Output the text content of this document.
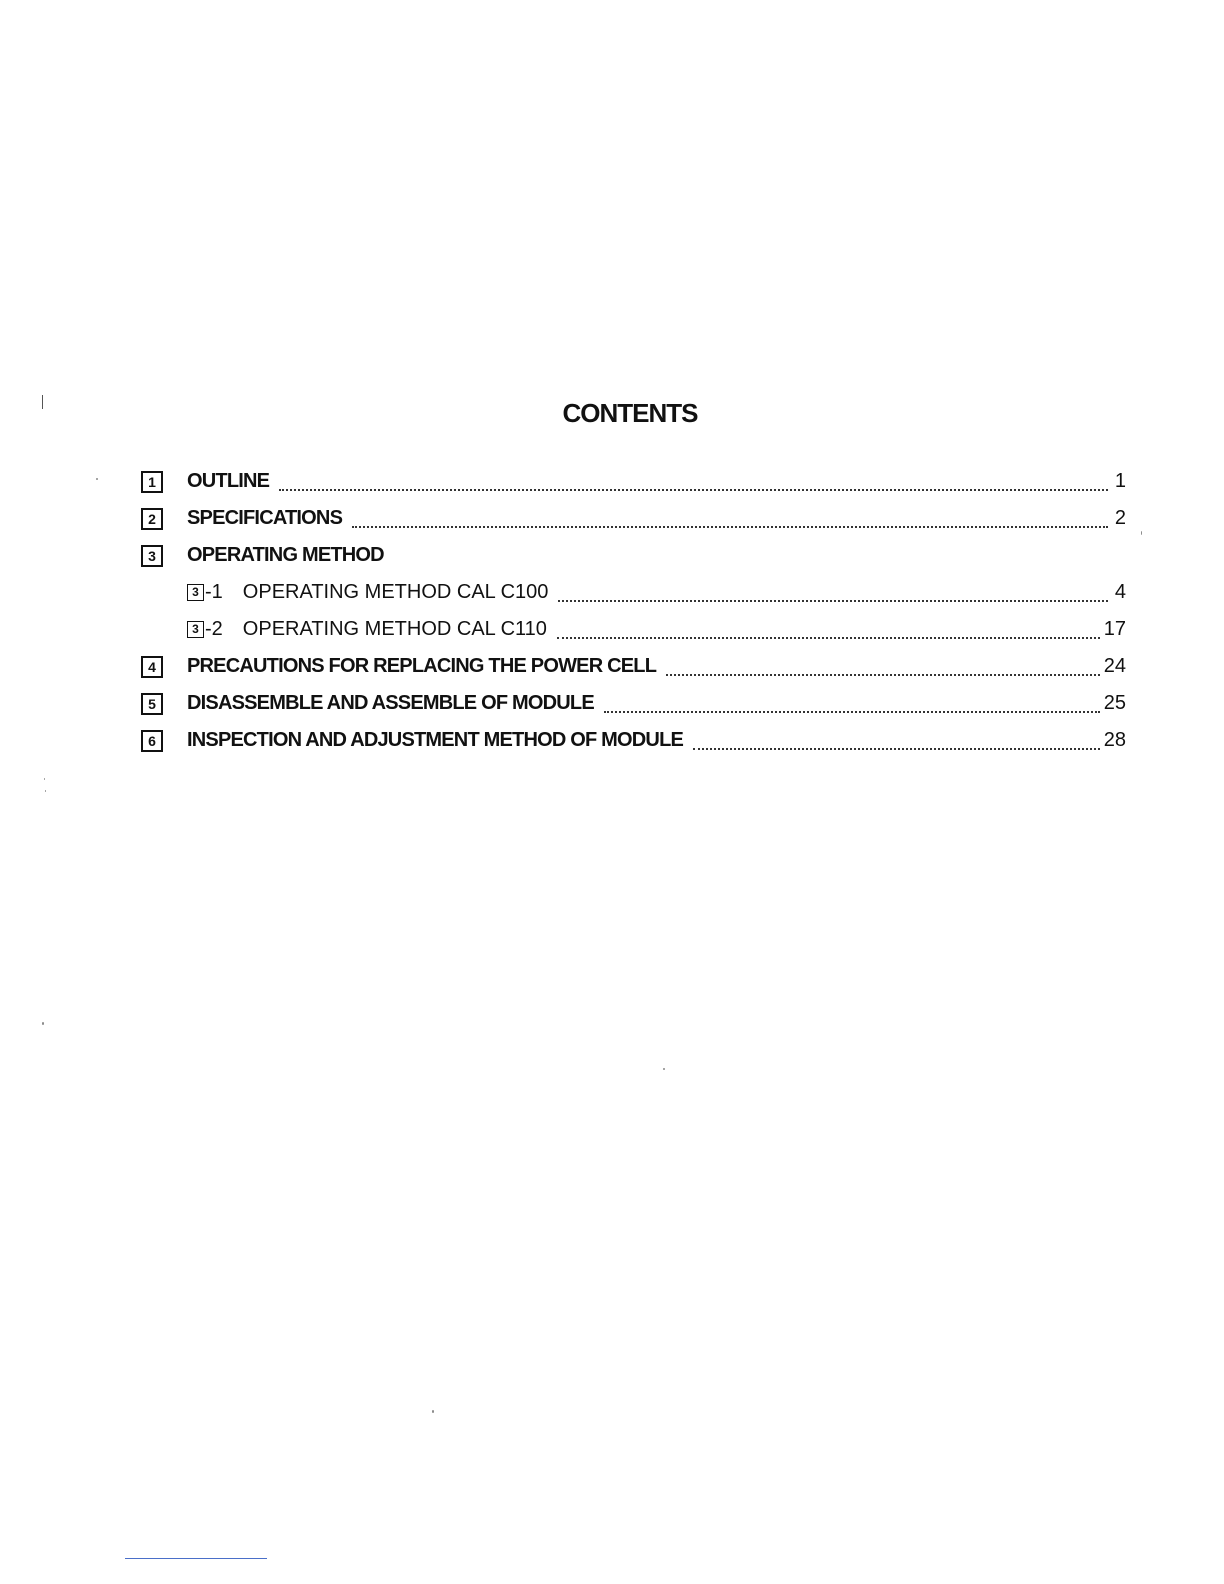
CONTENTS
1	OUTLINE	1
2	SPECIFICATIONS	2
3	OPERATING METHOD
3 -1 OPERATING METHOD CAL C100	4
3 -2 OPERATING METHOD CAL C110	17
4	PRECAUTIONS FOR REPLACING THE POWER CELL	24
5	DISASSEMBLE AND ASSEMBLE OF MODULE	25
6	INSPECTION AND ADJUSTMENT METHOD OF MODULE	28
